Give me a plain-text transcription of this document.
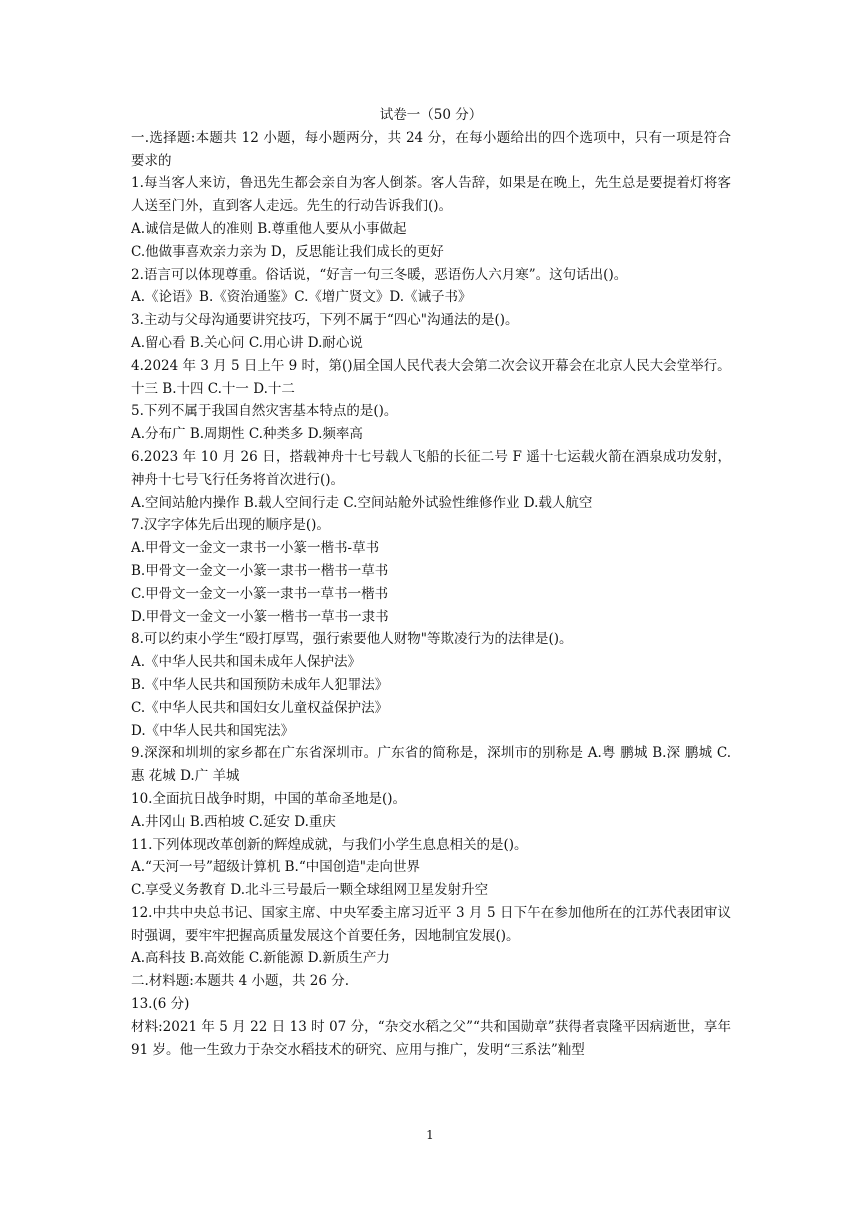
试卷一（50 分）

一.选择题:本题共 12 小题，每小题两分，共 24 分，在每小题给出的四个选项中，只有一项是符合要求的

1.每当客人来访，鲁迅先生都会亲自为客人倒茶。客人告辞，如果是在晚上，先生总是要提着灯将客人送至门外，直到客人走远。先生的行动告诉我们()。

A.诚信是做人的准则 B.尊重他人要从小事做起

C.他做事喜欢亲力亲为 D，反思能让我们成长的更好

2.语言可以体现尊重。俗话说，“好言一句三冬暖，恶语伤人六月寒”。这句话出()。

A.《论语》B.《资治通鉴》C.《增广贤文》D.《诫子书》

3.主动与父母沟通要讲究技巧，下列不属于“四心"沟通法的是()。

A.留心看 B.关心问 C.用心讲 D.耐心说

4.2024 年 3 月 5 日上午 9 时，第()届全国人民代表大会第二次会议开幕会在北京人民大会堂举行。

十三 B.十四 C.十一 D.十二

5.下列不属于我国自然灾害基本特点的是()。

A.分布广 B.周期性 C.种类多 D.频率高

6.2023 年 10 月 26 日，搭载神舟十七号载人飞船的长征二号 F 遥十七运载火箭在酒泉成功发射，神舟十七号飞行任务将首次进行()。

A.空间站舱内操作 B.载人空间行走 C.空间站舱外试验性维修作业 D.载人航空

7.汉字字体先后出现的顺序是()。

A.甲骨文一金文一隶书一小篆一楷书-草书

B.甲骨文一金文一小篆一隶书一楷书一草书

C.甲骨文一金文一小篆一隶书一草书一楷书

D.甲骨文一金文一小篆一楷书一草书一隶书

8.可以约束小学生“殴打厚骂，强行索要他人财物"等欺凌行为的法律是()。

A.《中华人民共和国未成年人保护法》

B.《中华人民共和国预防未成年人犯罪法》

C.《中华人民共和国妇女儿童权益保护法》

D.《中华人民共和国宪法》

9.深深和圳圳的家乡都在广东省深圳市。广东省的简称是，深圳市的别称是 A.粤 鹏城 B.深 鹏城 C.惠 花城 D.广 羊城

10.全面抗日战争时期，中国的革命圣地是()。

A.井冈山 B.西柏坡 C.延安 D.重庆

11.下列体现改革创新的辉煌成就，与我们小学生息息相关的是()。

A.“天河一号”超级计算机 B.“中国创造"走向世界

C.享受义务教育 D.北斗三号最后一颗全球组网卫星发射升空

12.中共中央总书记、国家主席、中央军委主席习近平 3 月 5 日下午在参加他所在的江苏代表团审议时强调，要牢牢把握高质量发展这个首要任务，因地制宜发展()。

A.高科技 B.高效能 C.新能源 D.新质生产力

二.材料题:本题共 4 小题，共 26 分.

13.(6 分)

材料:2021 年 5 月 22 日 13 时 07 分，“杂交水稻之父”“共和国勋章”获得者袁隆平因病逝世，享年 91 岁。他一生致力于杂交水稻技术的研究、应用与推广，发明“三系法”籼型

1
